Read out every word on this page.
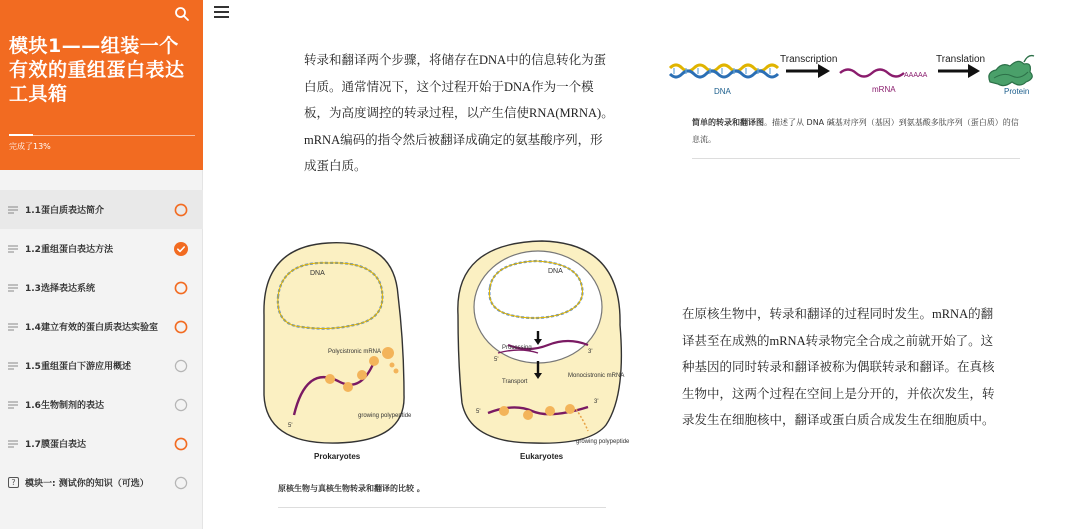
模块1——组装一个有效的重组蛋白表达工具箱
完成了13%
1.1蛋白质表达简介
1.2重组蛋白表达方法
1.3选择表达系统
1.4建立有效的蛋白质表达实验室
1.5重组蛋白下游应用概述
1.6生物制剂的表达
1.7膜蛋白表达
?	模块一: 测试你的知识（可选）

转录和翻译两个步骤，将储存在DNA中的信息转化为蛋白质。通常情况下，这个过程开始于DNA作为一个模板，为高度调控的转录过程，以产生信使RNA(MRNA)。mRNA编码的指令然后被翻译成确定的氨基酸序列，形成蛋白质。

DNA
Transcription
AAAAA
mRNA
Translation
Protein
简单的转录和翻译图。描述了从 DNA 碱基对序列（基因）到氨基酸多肽序列（蛋白质）的信息流。
DNA
Polycistronic mRNA
growing polypeptide
5'
Prokaryotes
DNA
Processing
3'
5'
Transport
Monocistronic mRNA
3'
5'
growing polypeptide
Eukaryotes
原核生物与真核生物转录和翻译的比较 。

在原核生物中，转录和翻译的过程同时发生。mRNA的翻译甚至在成熟的mRNA转录物完全合成之前就开始了。这种基因的同时转录和翻译被称为偶联转录和翻译。在真核生物中，这两个过程在空间上是分开的，并依次发生，转录发生在细胞核中，翻译或蛋白质合成发生在细胞质中。
